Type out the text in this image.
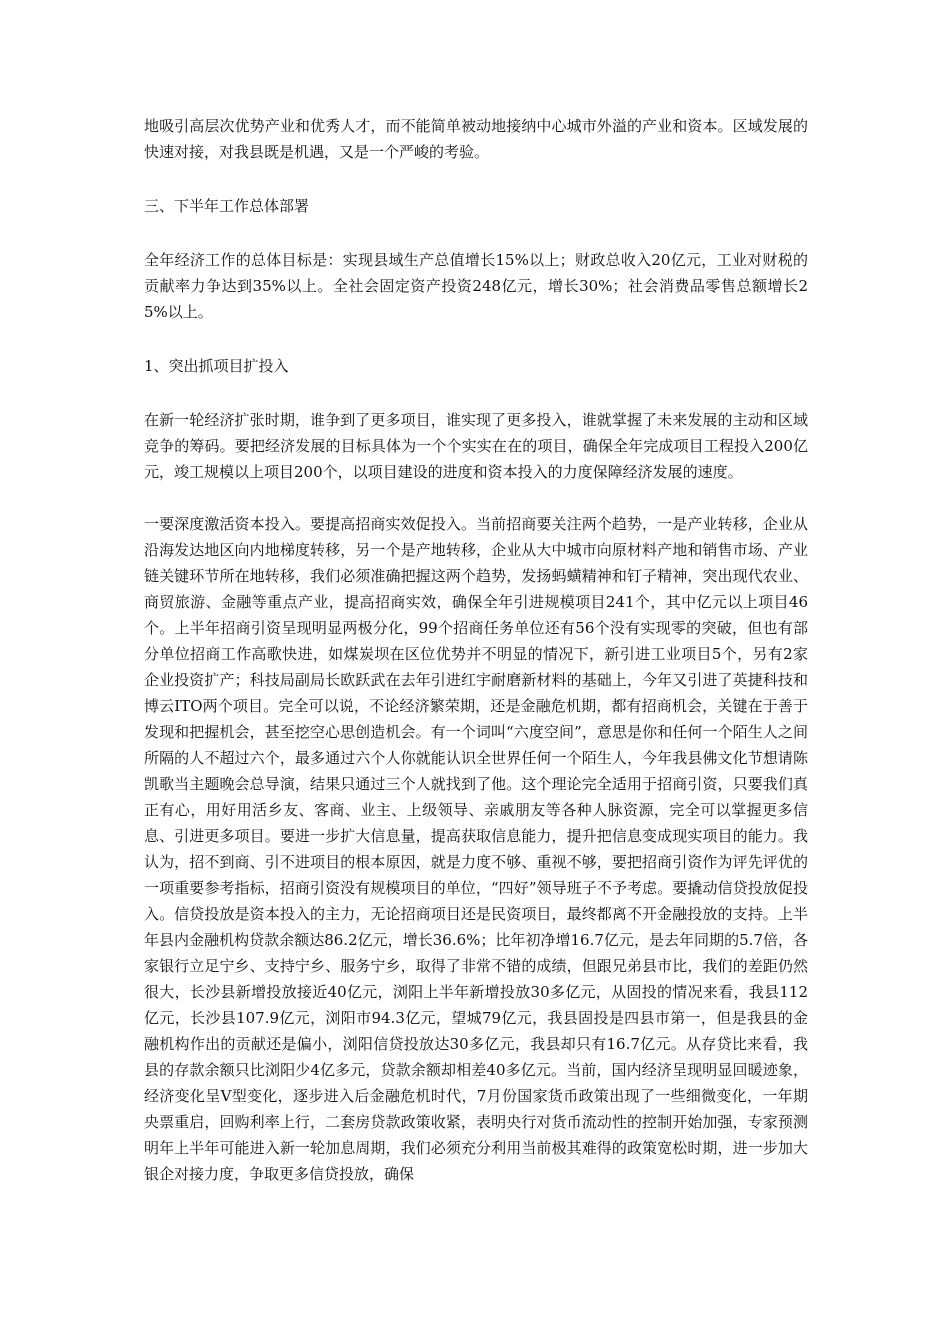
地吸引高层次优势产业和优秀人才，而不能简单被动地接纳中心城市外溢的产业和资本。区域发展的快速对接，对我县既是机遇，又是一个严峻的考验。

三、下半年工作总体部署

全年经济工作的总体目标是：实现县域生产总值增长15%以上；财政总收入20亿元，工业对财税的贡献率力争达到35%以上。全社会固定资产投资248亿元，增长30%；社会消费品零售总额增长25%以上。

1、突出抓项目扩投入

在新一轮经济扩张时期，谁争到了更多项目，谁实现了更多投入，谁就掌握了未来发展的主动和区域竞争的筹码。要把经济发展的目标具体为一个个实实在在的项目，确保全年完成项目工程投入200亿元，竣工规模以上项目200个，以项目建设的进度和资本投入的力度保障经济发展的速度。

一要深度激活资本投入。要提高招商实效促投入。当前招商要关注两个趋势，一是产业转移，企业从沿海发达地区向内地梯度转移，另一个是产地转移，企业从大中城市向原材料产地和销售市场、产业链关键环节所在地转移，我们必须准确把握这两个趋势，发扬蚂蟥精神和钉子精神，突出现代农业、商贸旅游、金融等重点产业，提高招商实效，确保全年引进规模项目241个，其中亿元以上项目46个。上半年招商引资呈现明显两极分化，99个招商任务单位还有56个没有实现零的突破，但也有部分单位招商工作高歌快进，如煤炭坝在区位优势并不明显的情况下，新引进工业项目5个，另有2家企业投资扩产；科技局副局长欧跃武在去年引进红宇耐磨新材料的基础上，今年又引进了英捷科技和博云ITO两个项目。完全可以说，不论经济繁荣期，还是金融危机期，都有招商机会，关键在于善于发现和把握机会，甚至挖空心思创造机会。有一个词叫“六度空间”，意思是你和任何一个陌生人之间所隔的人不超过六个，最多通过六个人你就能认识全世界任何一个陌生人，今年我县佛文化节想请陈凯歌当主题晚会总导演，结果只通过三个人就找到了他。这个理论完全适用于招商引资，只要我们真正有心，用好用活乡友、客商、业主、上级领导、亲戚朋友等各种人脉资源，完全可以掌握更多信息、引进更多项目。要进一步扩大信息量，提高获取信息能力，提升把信息变成现实项目的能力。我认为，招不到商、引不进项目的根本原因，就是力度不够、重视不够，要把招商引资作为评先评优的一项重要参考指标，招商引资没有规模项目的单位，“四好”领导班子不予考虑。要撬动信贷投放促投入。信贷投放是资本投入的主力，无论招商项目还是民资项目，最终都离不开金融投放的支持。上半年县内金融机构贷款余额达86.2亿元，增长36.6%；比年初净增16.7亿元，是去年同期的5.7倍，各家银行立足宁乡、支持宁乡、服务宁乡，取得了非常不错的成绩，但跟兄弟县市比，我们的差距仍然很大，长沙县新增投放接近40亿元，浏阳上半年新增投放30多亿元，从固投的情况来看，我县112亿元，长沙县107.9亿元，浏阳市94.3亿元，望城79亿元，我县固投是四县市第一，但是我县的金融机构作出的贡献还是偏小，浏阳信贷投放达30多亿元，我县却只有16.7亿元。从存贷比来看，我县的存款余额只比浏阳少4亿多元，贷款余额却相差40多亿元。当前，国内经济呈现明显回暖迹象，经济变化呈V型变化，逐步进入后金融危机时代，7月份国家货币政策出现了一些细微变化，一年期央票重启，回购利率上行，二套房贷款政策收紧，表明央行对货币流动性的控制开始加强，专家预测明年上半年可能进入新一轮加息周期，我们必须充分利用当前极其难得的政策宽松时期，进一步加大银企对接力度，争取更多信贷投放，确保
